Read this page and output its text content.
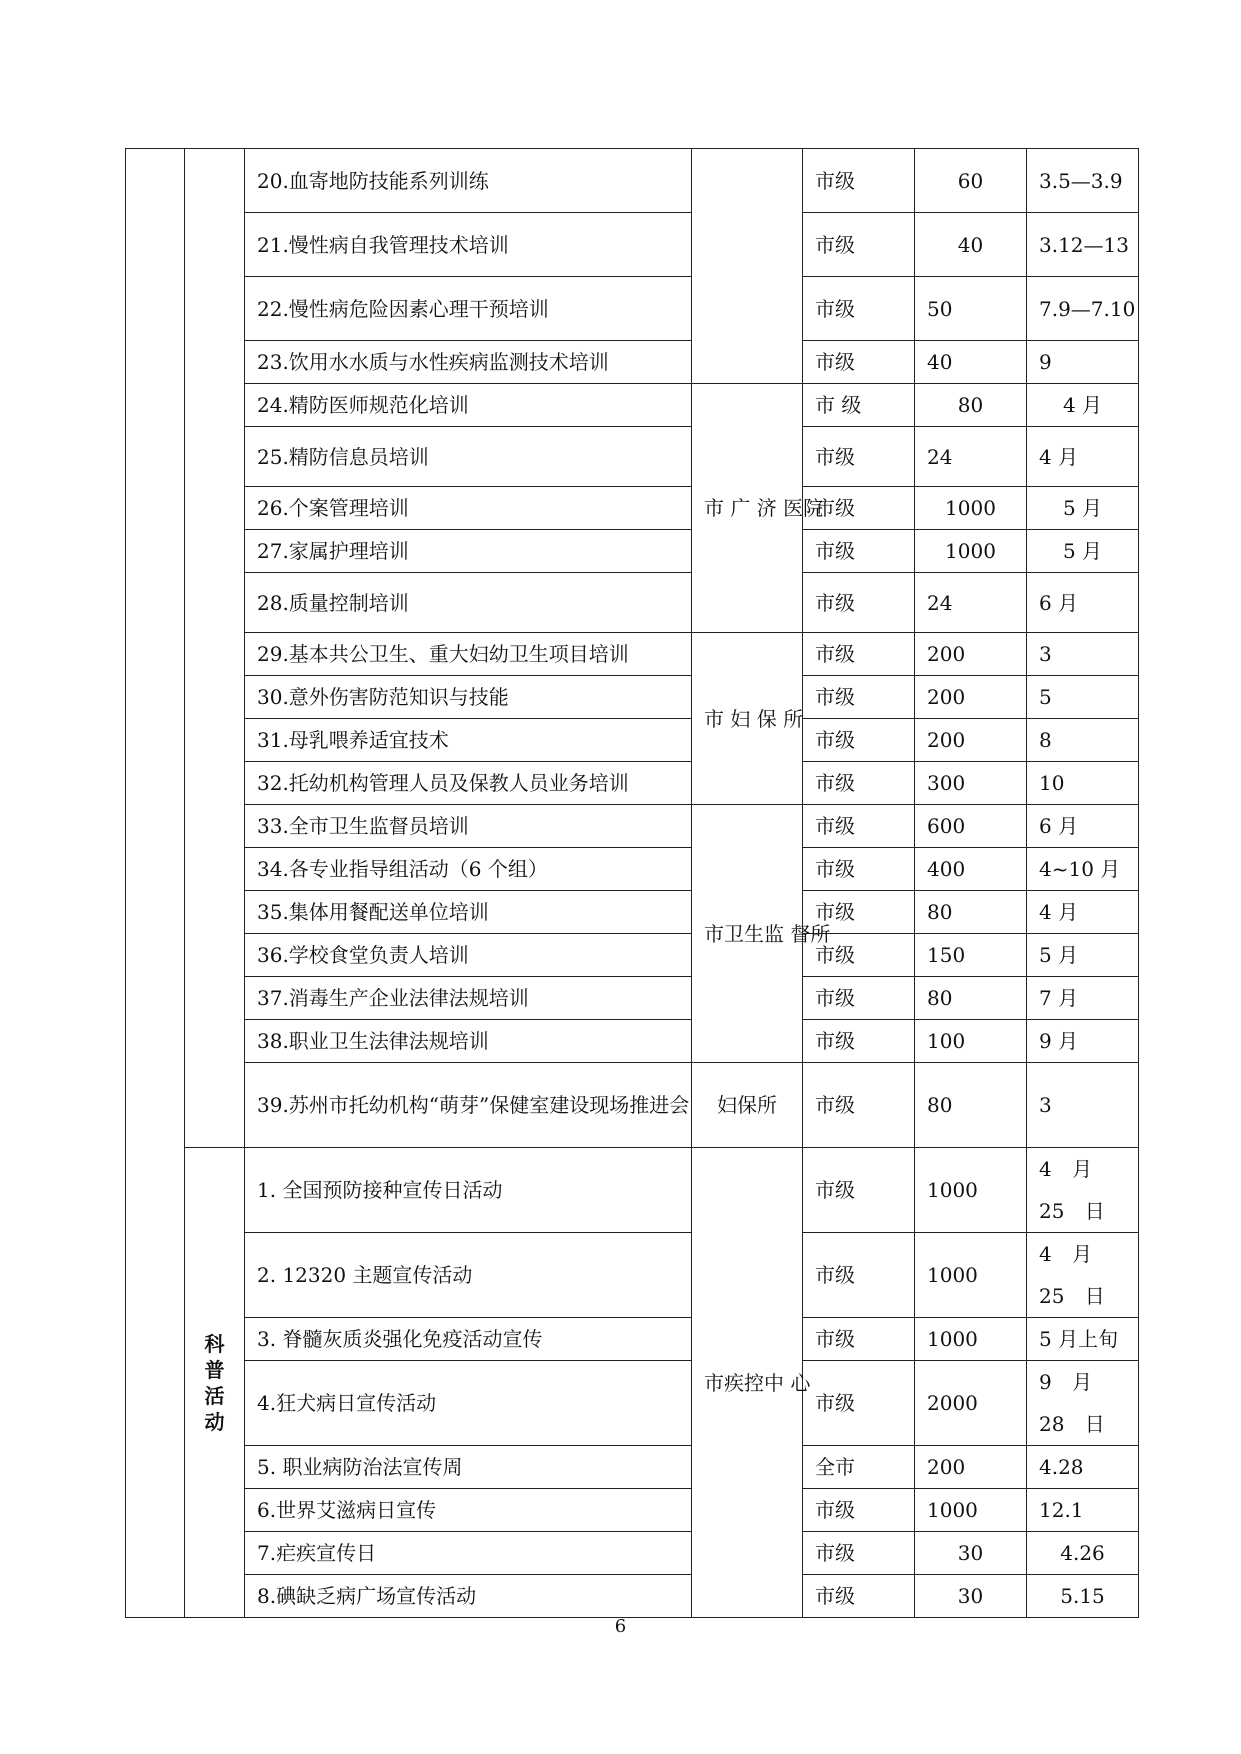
		20.血寄地防技能系列训练		市级	60	3.5—3.9
		21.慢性病自我管理技术培训		市级	40	3.12—13
		22.慢性病危险因素心理干预培训		市级	50	7.9—7.10
		23.饮用水水质与水性疾病监测技术培训		市级	40	9
		24.精防医师规范化培训	市 广 济 医院	市 级	80	4 月
		25.精防信息员培训		市级	24	4 月
		26.个案管理培训		市级	1000	5 月
		27.家属护理培训		市级	1000	5 月
		28.质量控制培训		市级	24	6 月
		29.基本共公卫生、重大妇幼卫生项目培训	市 妇 保 所	市级	200	3
		30.意外伤害防范知识与技能		市级	200	5
		31.母乳喂养适宜技术		市级	200	8
		32.托幼机构管理人员及保教人员业务培训		市级	300	10
		33.全市卫生监督员培训	市卫生监 督所	市级	600	6 月
		34.各专业指导组活动（6 个组）		市级	400	4~10 月
		35.集体用餐配送单位培训		市级	80	4 月
		36.学校食堂负责人培训		市级	150	5 月
		37.消毒生产企业法律法规培训		市级	80	7 月
		38.职业卫生法律法规培训		市级	100	9 月
		39.苏州市托幼机构“萌芽”保健室建设现场推进会	妇保所	市级	80	3

	科普活动	1. 全国预防接种宣传日活动	市疾控中 心	市级	1000	4 月 25 日
		2. 12320 主题宣传活动		市级	1000	4 月 25 日
		3. 脊髓灰质炎强化免疫活动宣传		市级	1000	5 月上旬
		4.狂犬病日宣传活动		市级	2000	9 月 28 日
		5. 职业病防治法宣传周		全市	200	4.28
		6.世界艾滋病日宣传		市级	1000	12.1
		7.疟疾宣传日		市级	30	4.26
		8.碘缺乏病广场宣传活动		市级	30	5.15
6
